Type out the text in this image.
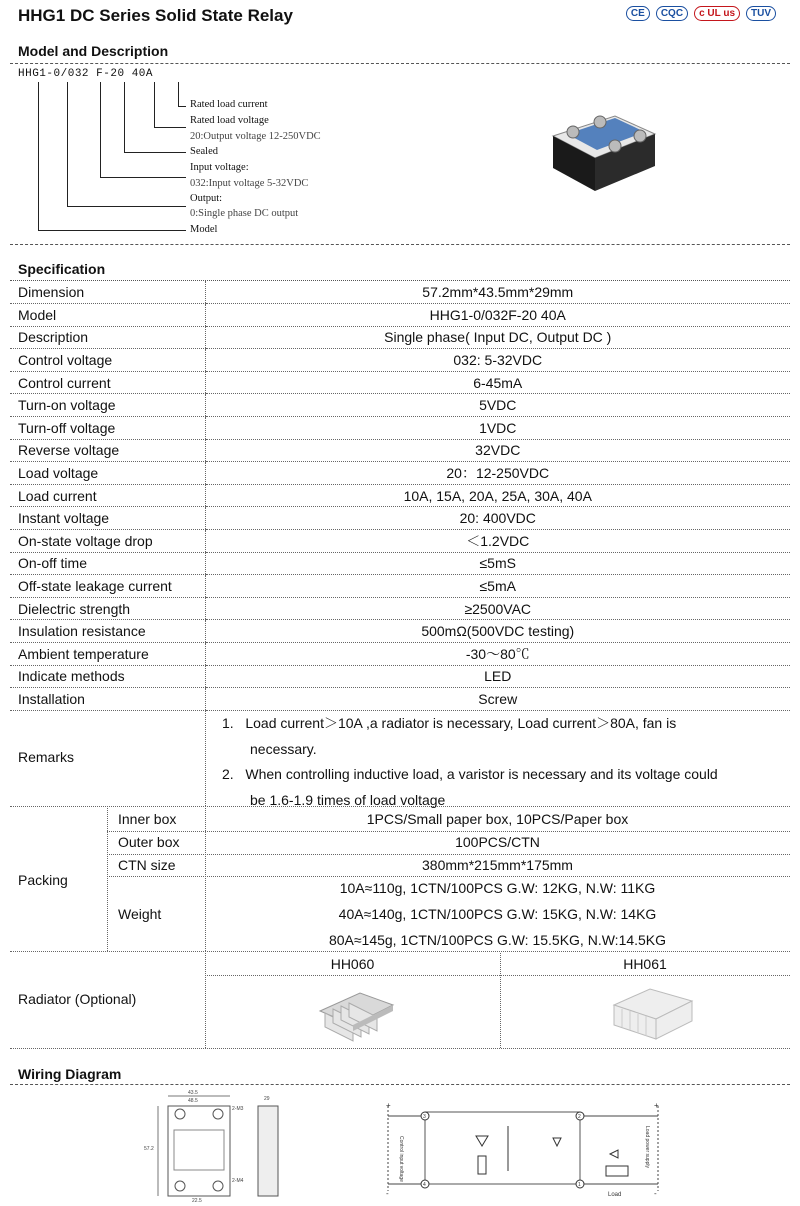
HHG1 DC Series Solid State Relay	CE	CQC	c UL us	TUV
Model and Description
HHG1-0/032 F-20 40A
Rated load current
Rated load voltage
20:Output voltage 12-250VDC
Sealed
Input voltage:
032:Input voltage 5-32VDC
Output:
0:Single phase DC output
Model
Specification
Dimension	57.2mm*43.5mm*29mm
Model	HHG1-0/032F-20 40A
Description	Single phase( Input DC, Output DC )
Control voltage	032: 5-32VDC
Control current	6-45mA
Turn-on voltage	5VDC
Turn-off voltage	1VDC
Reverse voltage	32VDC
Load voltage	20：12-250VDC
Load current	10A, 15A, 20A, 25A, 30A, 40A
Instant voltage	20: 400VDC
On-state voltage drop	＜1.2VDC
On-off time	≤5mS
Off-state leakage current	≤5mA
Dielectric strength	≥2500VAC
Insulation resistance	500mΩ(500VDC testing)
Ambient temperature	-30～80℃
Indicate methods	LED
Installation	Screw
Remarks
1. Load current＞10A ,a radiator is necessary, Load current＞80A, fan is
necessary.
2. When controlling inductive load, a varistor is necessary and its voltage could
be 1.6-1.9 times of load voltage
Packing
Inner box	1PCS/Small paper box, 10PCS/Paper box
Outer box	100PCS/CTN
CTN size	380mm*215mm*175mm
Weight
10A≈110g, 1CTN/100PCS G.W: 12KG, N.W: 11KG
40A≈140g, 1CTN/100PCS G.W: 15KG, N.W: 14KG
80A≈145g, 1CTN/100PCS G.W: 15.5KG, N.W:14.5KG
Radiator (Optional)
HH060	HH061
Wiring Diagram
43.5
48.5	29
57.2
2-M3
2-M4
22.5
+
-
+
-
Control input voltage	Load power supply
3
4
2
1
Load
